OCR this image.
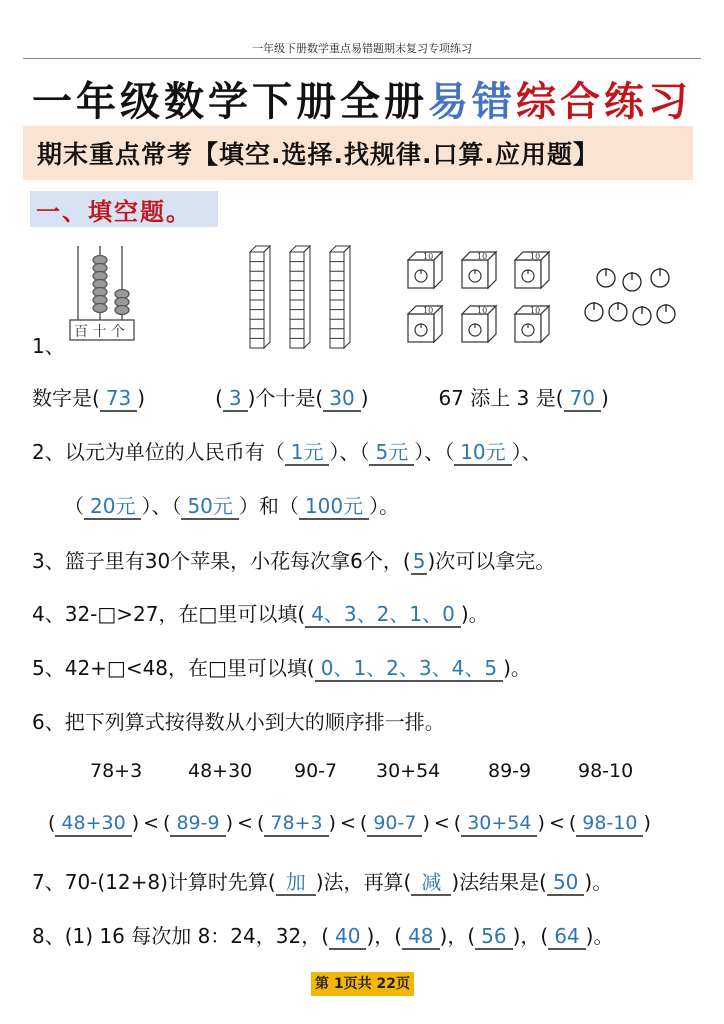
一年级下册数学重点易错题期末复习专项练习
一年级数学下册全册易错综合练习
期末重点常考【填空.选择.找规律.口算.应用题】
一、填空题。
百 十 个
10	10	10
10	10	10
1、
数字是( 73 )	( 3 )个十是( 30 )	67 添上 3 是( 70 )
2、以元为单位的人民币有（ 1元 ）、（ 5元 ）、（ 10元 ）、
（ 20元 ）、（ 50元 ）和（ 100元 ）。
3、篮子里有30个苹果，小花每次拿6个，( 5 )次可以拿完。
4、32-□>27，在□里可以填( 4、3、2、1、0 )。
5、42+□<48，在□里可以填( 0、1、2、3、4、5 )。
6、把下列算式按得数从小到大的顺序排一排。
78+3	48+30	90-7	30+54	89-9	98-10
( 48+30 ) < ( 89-9 ) < ( 78+3 ) < ( 90-7 ) < ( 30+54 ) < ( 98-10 )
7、70-(12+8)计算时先算( 加 )法，再算( 减 )法结果是( 50 )。
8、(1) 16 每次加 8：24，32，( 40 )，( 48 )，( 56 )，( 64 )。
第 1页共 22页
